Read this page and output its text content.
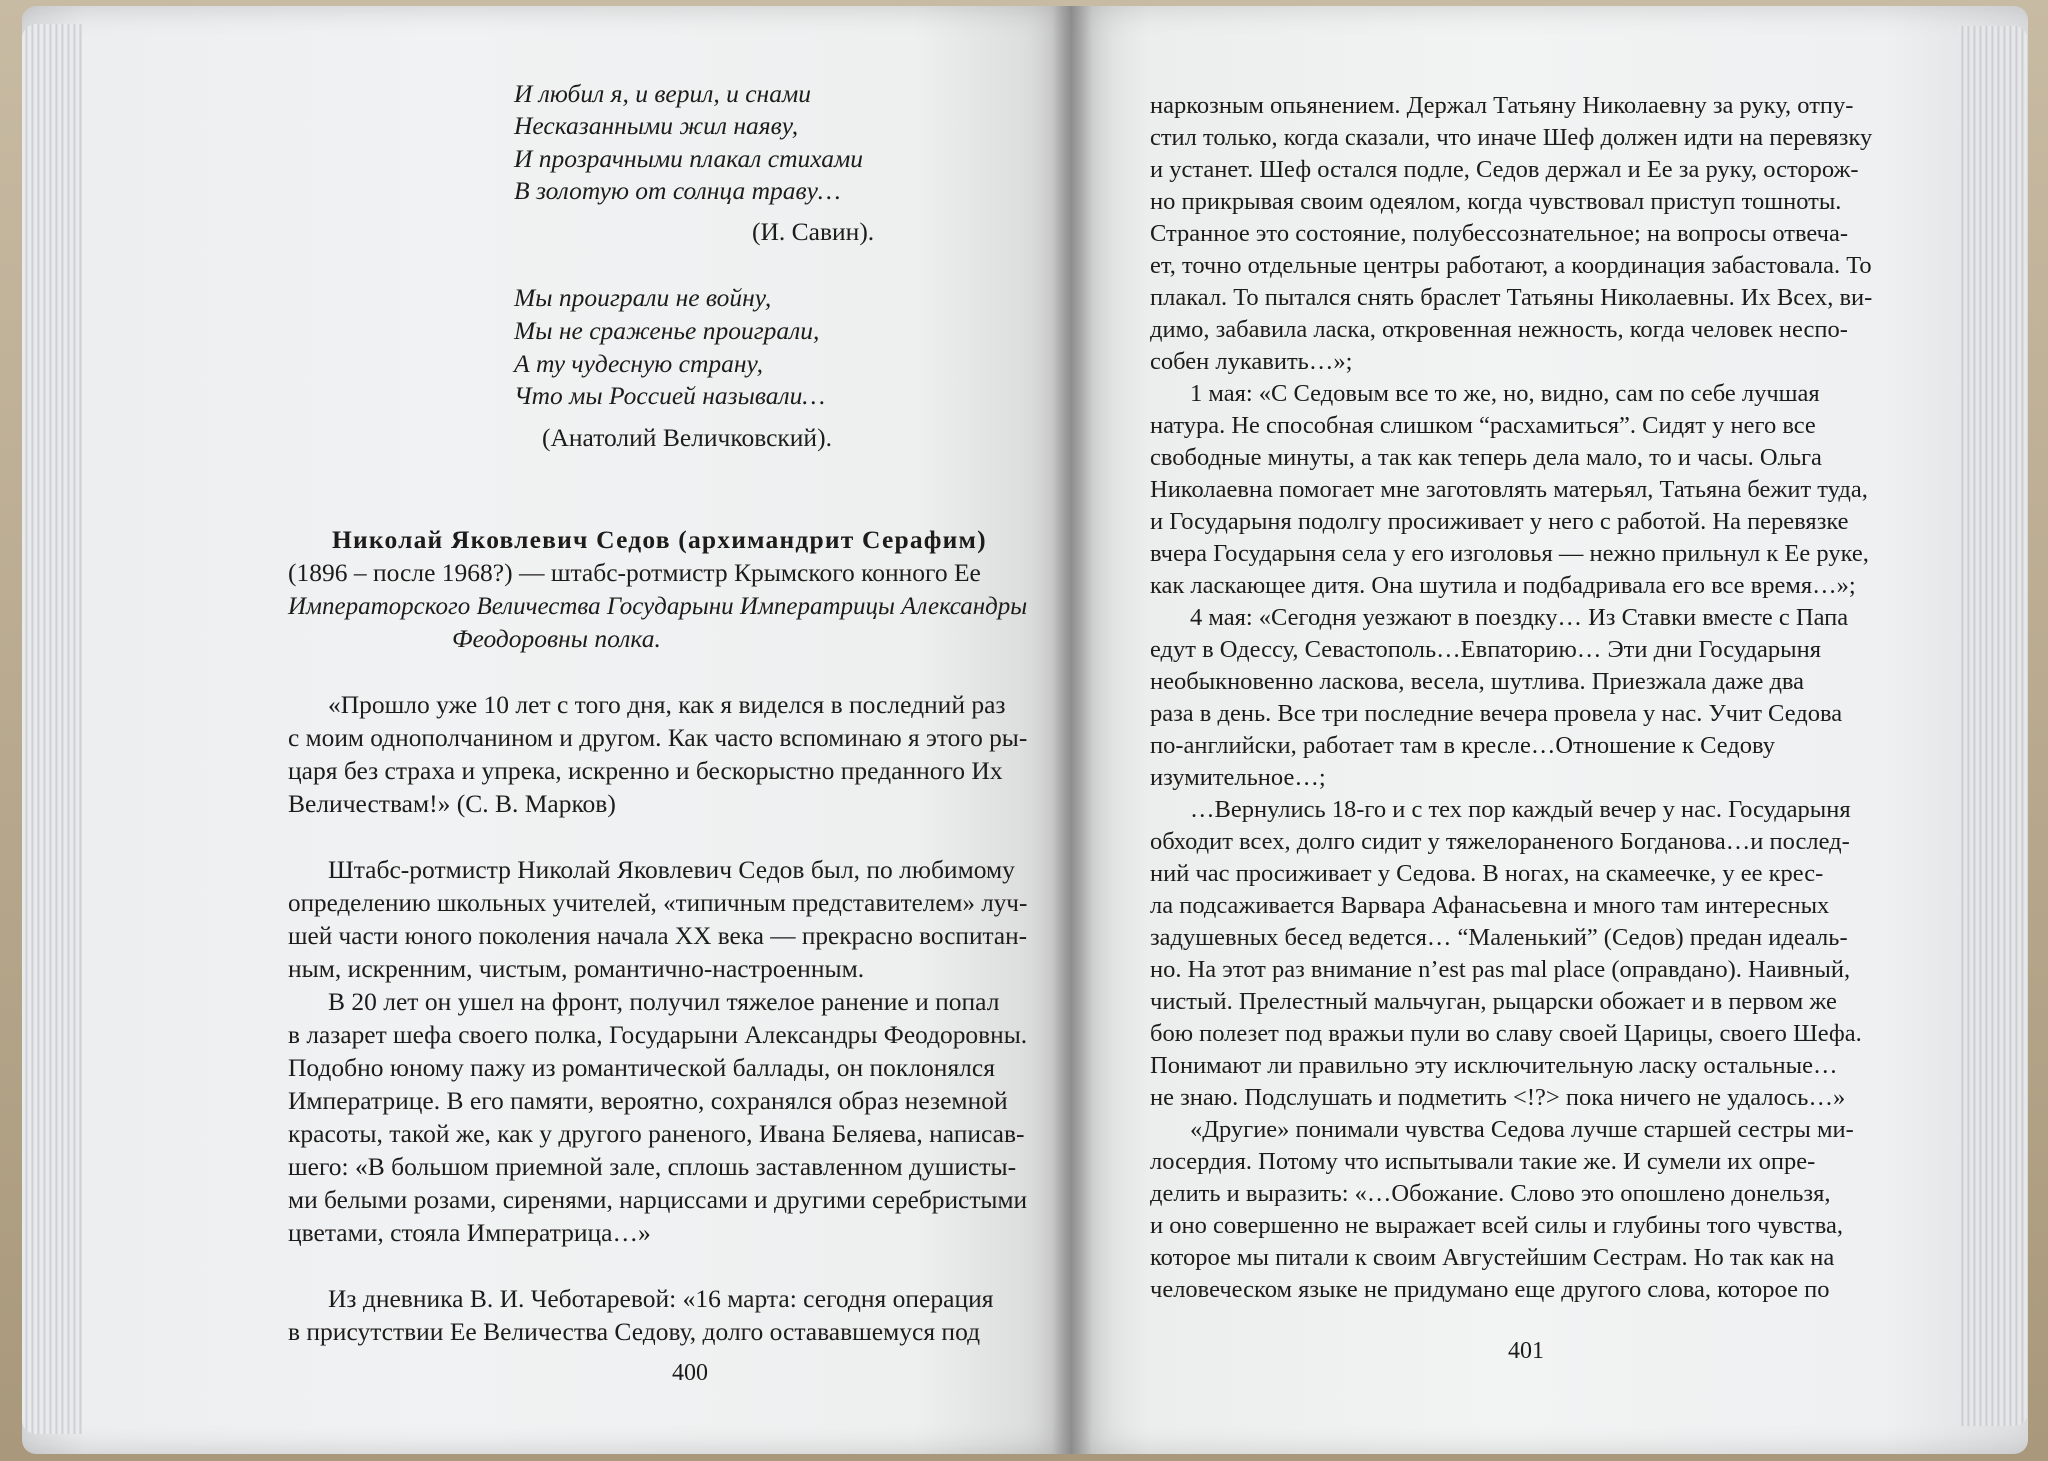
И любил я, и верил, и снами
Несказанными жил наяву,
И прозрачными плакал стихами
В золотую от солнца траву…
(И. Савин).
Мы проиграли не войну,
Мы не сраженье проиграли,
А ту чудесную страну,
Что мы Россией называли…
(Анатолий Величковский).
Николай Яковлевич Седов (архимандрит Серафим)
(1896 – после 1968?) — штабс-ротмистр Крымского конного Ее
Императорского Величества Государыни Императрицы Александры
Феодоровны полка.
«Прошло уже 10 лет с того дня, как я виделся в последний раз
с моим однополчанином и другом. Как часто вспоминаю я этого ры-
царя без страха и упрека, искренно и бескорыстно преданного Их
Величествам!» (С. В. Марков)
Штабс-ротмистр Николай Яковлевич Седов был, по любимому
определению школьных учителей, «типичным представителем» луч-
шей части юного поколения начала XX века — прекрасно воспитан-
ным, искренним, чистым, романтично-настроенным.
В 20 лет он ушел на фронт, получил тяжелое ранение и попал
в лазарет шефа своего полка, Государыни Александры Феодоровны.
Подобно юному пажу из романтической баллады, он поклонялся
Императрице. В его памяти, вероятно, сохранялся образ неземной
красоты, такой же, как у другого раненого, Ивана Беляева, написав-
шего: «В большом приемной зале, сплошь заставленном душисты-
ми белыми розами, сиренями, нарциссами и другими серебристыми
цветами, стояла Императрица…»
Из дневника В. И. Чеботаревой: «16 марта: сегодня операция
в присутствии Ее Величества Седову, долго остававшемуся под
400
наркозным опьянением. Держал Татьяну Николаевну за руку, отпу-
стил только, когда сказали, что иначе Шеф должен идти на перевязку
и устанет. Шеф остался подле, Седов держал и Ее за руку, осторож-
но прикрывая своим одеялом, когда чувствовал приступ тошноты.
Странное это состояние, полубессознательное; на вопросы отвеча-
ет, точно отдельные центры работают, а координация забастовала. То
плакал. То пытался снять браслет Татьяны Николаевны. Их Всех, ви-
димо, забавила ласка, откровенная нежность, когда человек неспо-
собен лукавить…»;
1 мая: «С Седовым все то же, но, видно, сам по себе лучшая
натура. Не способная слишком “расхамиться”. Сидят у него все
свободные минуты, а так как теперь дела мало, то и часы. Ольга
Николаевна помогает мне заготовлять матерьял, Татьяна бежит туда,
и Государыня подолгу просиживает у него с работой. На перевязке
вчера Государыня села у его изголовья — нежно прильнул к Ее руке,
как ласкающее дитя. Она шутила и подбадривала его все время…»;
4 мая: «Сегодня уезжают в поездку… Из Ставки вместе с Папа
едут в Одессу, Севастополь…Евпаторию… Эти дни Государыня
необыкновенно ласкова, весела, шутлива. Приезжала даже два
раза в день. Все три последние вечера провела у нас. Учит Седова
по-английски, работает там в кресле…Отношение к Седову
изумительное…;
…Вернулись 18-го и с тех пор каждый вечер у нас. Государыня
обходит всех, долго сидит у тяжелораненого Богданова…и послед-
ний час просиживает у Седова. В ногах, на скамеечке, у ее крес-
ла подсаживается Варвара Афанасьевна и много там интересных
задушевных бесед ведется… “Маленький” (Седов) предан идеаль-
но. На этот раз внимание n’est pas mal place (оправдано). Наивный,
чистый. Прелестный мальчуган, рыцарски обожает и в первом же
бою полезет под вражьи пули во славу своей Царицы, своего Шефа.
Понимают ли правильно эту исключительную ласку остальные…
не знаю. Подслушать и подметить <!?> пока ничего не удалось…»
«Другие» понимали чувства Седова лучше старшей сестры ми-
лосердия. Потому что испытывали такие же. И сумели их опре-
делить и выразить: «…Обожание. Слово это опошлено донельзя,
и оно совершенно не выражает всей силы и глубины того чувства,
которое мы питали к своим Августейшим Сестрам. Но так как на
человеческом языке не придумано еще другого слова, которое по
401
